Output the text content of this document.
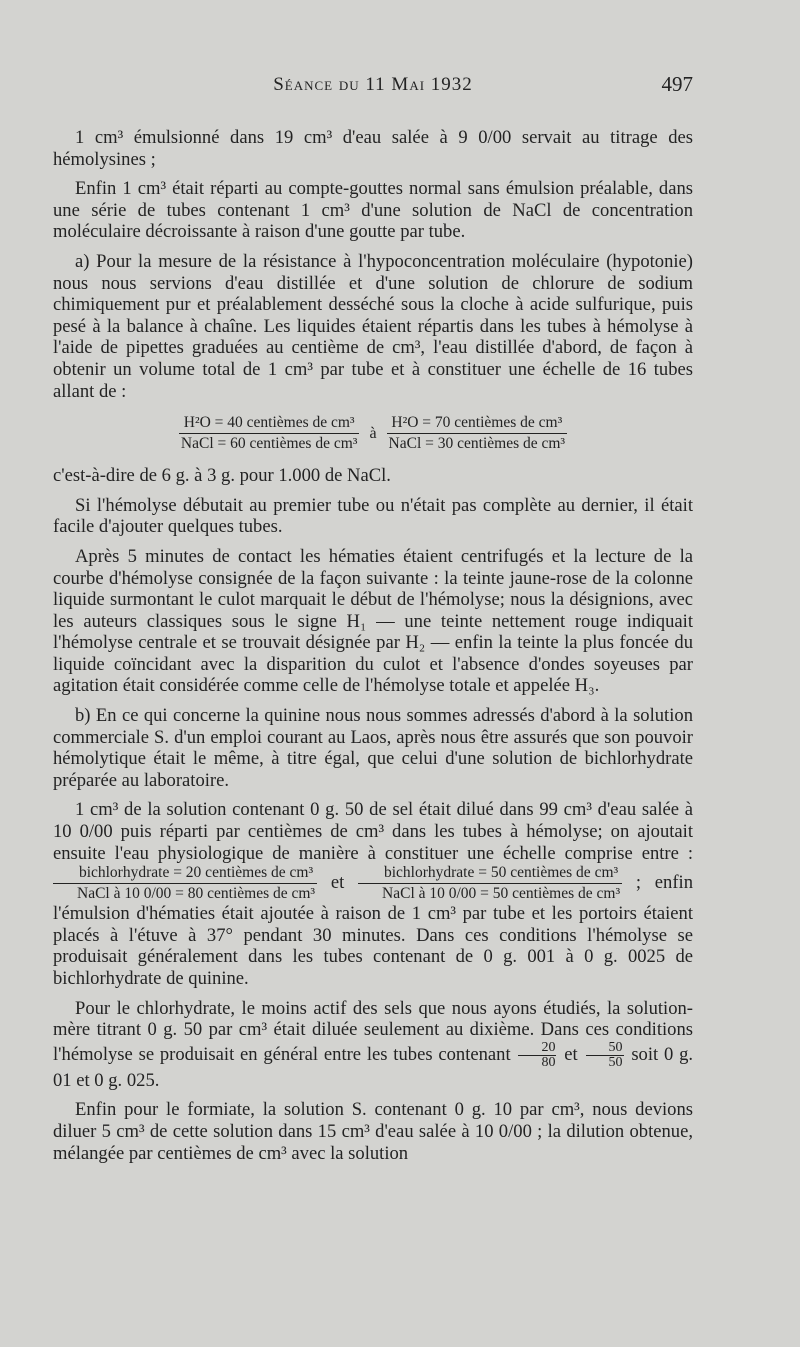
Séance du 11 Mai 1932	497

1 cm³ émulsionné dans 19 cm³ d'eau salée à 9 0/00 servait au titrage des hémolysines ;

Enfin 1 cm³ était réparti au compte-gouttes normal sans émulsion préalable, dans une série de tubes contenant 1 cm³ d'une solution de NaCl de concentration moléculaire décroissante à raison d'une goutte par tube.

a) Pour la mesure de la résistance à l'hypoconcentration moléculaire (hypotonie) nous nous servions d'eau distillée et d'une solution de chlorure de sodium chimiquement pur et préalablement desséché sous la cloche à acide sulfurique, puis pesé à la balance à chaîne. Les liquides étaient répartis dans les tubes à hémolyse à l'aide de pipettes graduées au centième de cm³, l'eau distillée d'abord, de façon à obtenir un volume total de 1 cm³ par tube et à constituer une échelle de 16 tubes allant de :

$\frac{\text{H²O = 40 centièmes de cm³}}{\text{NaCl = 60 centièmes de cm³}}$ à $\frac{\text{H²O = 70 centièmes de cm³}}{\text{NaCl = 30 centièmes de cm³}}$

c'est-à-dire de 6 g. à 3 g. pour 1.000 de NaCl.

Si l'hémolyse débutait au premier tube ou n'était pas complète au dernier, il était facile d'ajouter quelques tubes.

Après 5 minutes de contact les hématies étaient centrifugés et la lecture de la courbe d'hémolyse consignée de la façon suivante : la teinte jaune-rose de la colonne liquide surmontant le culot marquait le début de l'hémolyse; nous la désignions, avec les auteurs classiques sous le signe H₁ — une teinte nettement rouge indiquait l'hémolyse centrale et se trouvait désignée par H₂ — enfin la teinte la plus foncée du liquide coïncidant avec la disparition du culot et l'absence d'ondes soyeuses par agitation était considérée comme celle de l'hémolyse totale et appelée H₃.

b) En ce qui concerne la quinine nous nous sommes adressés d'abord à la solution commerciale S. d'un emploi courant au Laos, après nous être assurés que son pouvoir hémolytique était le même, à titre égal, que celui d'une solution de bichlorhydrate préparée au laboratoire.

1 cm³ de la solution contenant 0 g. 50 de sel était dilué dans 99 cm³ d'eau salée à 10 0/00 puis réparti par centièmes de cm³ dans les tubes à hémolyse; on ajoutait ensuite l'eau physiologique de manière à constituer une échelle comprise entre :
$\frac{\text{bichlorhydrate = 20 centièmes de cm³}}{\text{NaCl à 10 0/00 = 80 centièmes de cm³}}$ et $\frac{\text{bichlorhydrate = 50 centièmes de cm³}}{\text{NaCl à 10 0/00 = 50 centièmes de cm³}}$ ; enfin l'émulsion d'hématies était ajoutée à raison de 1 cm³ par tube et les portoirs étaient placés à l'étuve à 37° pendant 30 minutes. Dans ces conditions l'hémolyse se produisait généralement dans les tubes contenant de 0 g. 001 à 0 g. 0025 de bichlorhydrate de quinine.

Pour le chlorhydrate, le moins actif des sels que nous ayons étudiés, la solution-mère titrant 0 g. 50 par cm³ était diluée seulement au dixième. Dans ces conditions l'hémolyse se produisait en général entre les tubes contenant $\frac{20}{80}$ et $\frac{50}{50}$ soit 0 g. 01 et 0 g. 025.

Enfin pour le formiate, la solution S. contenant 0 g. 10 par cm³, nous devions diluer 5 cm³ de cette solution dans 15 cm³ d'eau salée à 10 0/00 ; la dilution obtenue, mélangée par centièmes de cm³ avec la solution
